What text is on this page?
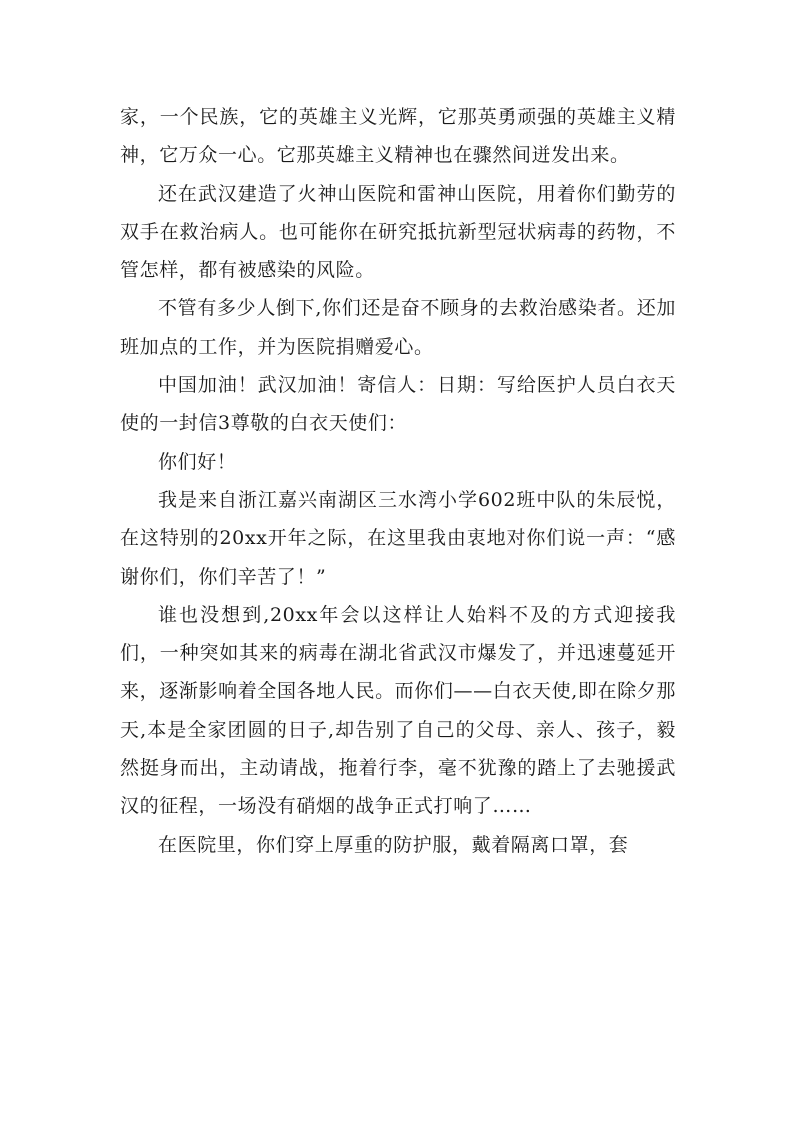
家，一个民族，它的英雄主义光辉，它那英勇顽强的英雄主义精神，它万众一心。它那英雄主义精神也在骤然间迸发出来。

还在武汉建造了火神山医院和雷神山医院，用着你们勤劳的双手在救治病人。也可能你在研究抵抗新型冠状病毒的药物，不管怎样，都有被感染的风险。

不管有多少人倒下,你们还是奋不顾身的去救治感染者。还加班加点的工作，并为医院捐赠爱心。

中国加油！武汉加油！寄信人：日期：写给医护人员白衣天使的一封信3尊敬的白衣天使们：

你们好！

我是来自浙江嘉兴南湖区三水湾小学602班中队的朱辰悦，在这特别的20xx开年之际，在这里我由衷地对你们说一声：“感谢你们，你们辛苦了！”

谁也没想到,20xx年会以这样让人始料不及的方式迎接我们，一种突如其来的病毒在湖北省武汉市爆发了，并迅速蔓延开来，逐渐影响着全国各地人民。而你们——白衣天使,即在除夕那天,本是全家团圆的日子,却告别了自己的父母、亲人、孩子，毅然挺身而出，主动请战，拖着行李，毫不犹豫的踏上了去驰援武汉的征程，一场没有硝烟的战争正式打响了……

在医院里，你们穿上厚重的防护服，戴着隔离口罩，套
